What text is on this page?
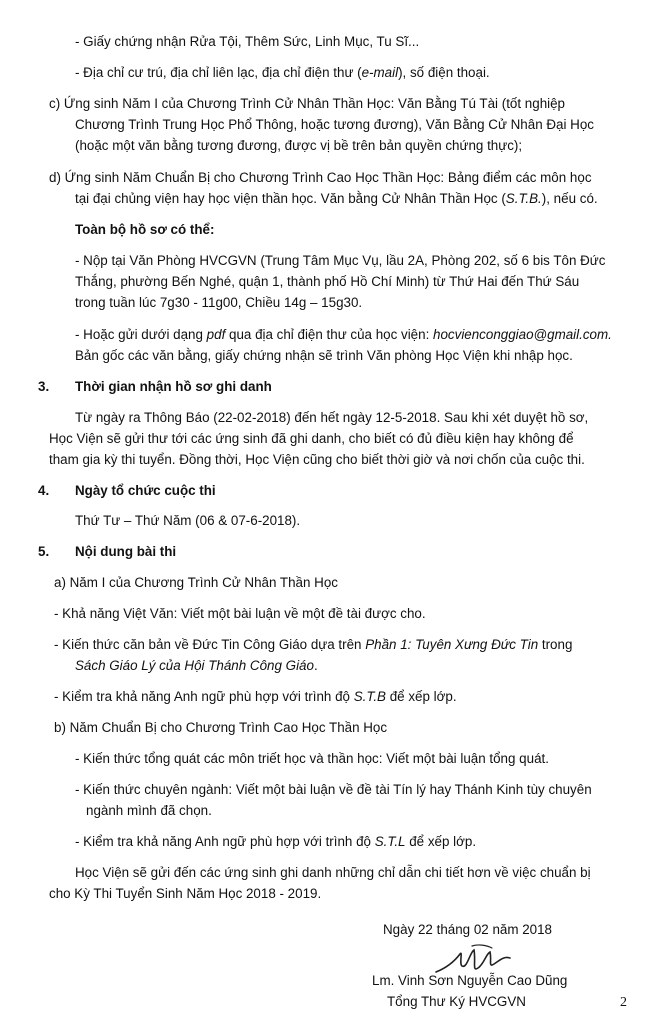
- Giấy chứng nhận Rửa Tội, Thêm Sức, Linh Mục, Tu Sĩ...
- Địa chỉ cư trú, địa chỉ liên lạc, địa chỉ điện thư (e-mail), số điện thoại.
c) Ứng sinh Năm I của Chương Trình Cử Nhân Thần Học: Văn Bằng Tú Tài (tốt nghiệp
Chương Trình Trung Học Phổ Thông, hoặc tương đương), Văn Bằng Cử Nhân Đại Học
(hoặc một văn bằng tương đương, được vị bề trên bản quyền chứng thực);
d) Ứng sinh Năm Chuẩn Bị cho Chương Trình Cao Học Thần Học: Bảng điểm các môn học
tại đại chủng viện hay học viện thần học. Văn bằng Cử Nhân Thần Học (S.T.B.), nếu có.
Toàn bộ hồ sơ có thể:
- Nộp tại Văn Phòng HVCGVN (Trung Tâm Mục Vụ, lầu 2A, Phòng 202, số 6 bis Tôn Đức
Thắng, phường Bến Nghé, quận 1, thành phố Hồ Chí Minh) từ Thứ Hai đến Thứ Sáu
trong tuần lúc 7g30 - 11g00, Chiều 14g – 15g30.
- Hoặc gửi dưới dạng pdf qua địa chỉ điện thư của học viện: hocvienconggiao@gmail.com.
Bản gốc các văn bằng, giấy chứng nhận sẽ trình Văn phòng Học Viện khi nhập học.
3. Thời gian nhận hồ sơ ghi danh
Từ ngày ra Thông Báo (22-02-2018) đến hết ngày 12-5-2018. Sau khi xét duyệt hồ sơ,
Học Viện sẽ gửi thư tới các ứng sinh đã ghi danh, cho biết có đủ điều kiện hay không để
tham gia kỳ thi tuyển. Đồng thời, Học Viện cũng cho biết thời giờ và nơi chốn của cuộc thi.
4. Ngày tổ chức cuộc thi
Thứ Tư – Thứ Năm (06 & 07-6-2018).
5. Nội dung bài thi
a) Năm I của Chương Trình Cử Nhân Thần Học
- Khả năng Việt Văn: Viết một bài luận về một đề tài được cho.
- Kiến thức căn bản về Đức Tin Công Giáo dựa trên Phần 1: Tuyên Xưng Đức Tin trong
Sách Giáo Lý của Hội Thánh Công Giáo.
- Kiểm tra khả năng Anh ngữ phù hợp với trình độ S.T.B để xếp lớp.
b) Năm Chuẩn Bị cho Chương Trình Cao Học Thần Học
- Kiến thức tổng quát các môn triết học và thần học: Viết một bài luận tổng quát.
- Kiến thức chuyên ngành: Viết một bài luận về đề tài Tín lý hay Thánh Kinh tùy chuyên
ngành mình đã chọn.
- Kiểm tra khả năng Anh ngữ phù hợp với trình độ S.T.L để xếp lớp.
Học Viện sẽ gửi đến các ứng sinh ghi danh những chỉ dẫn chi tiết hơn về việc chuẩn bị
cho Kỳ Thi Tuyển Sinh Năm Học 2018 - 2019.
Ngày 22 tháng 02 năm 2018
Lm. Vinh Sơn Nguyễn Cao Dũng
Tổng Thư Ký HVCGVN	2
